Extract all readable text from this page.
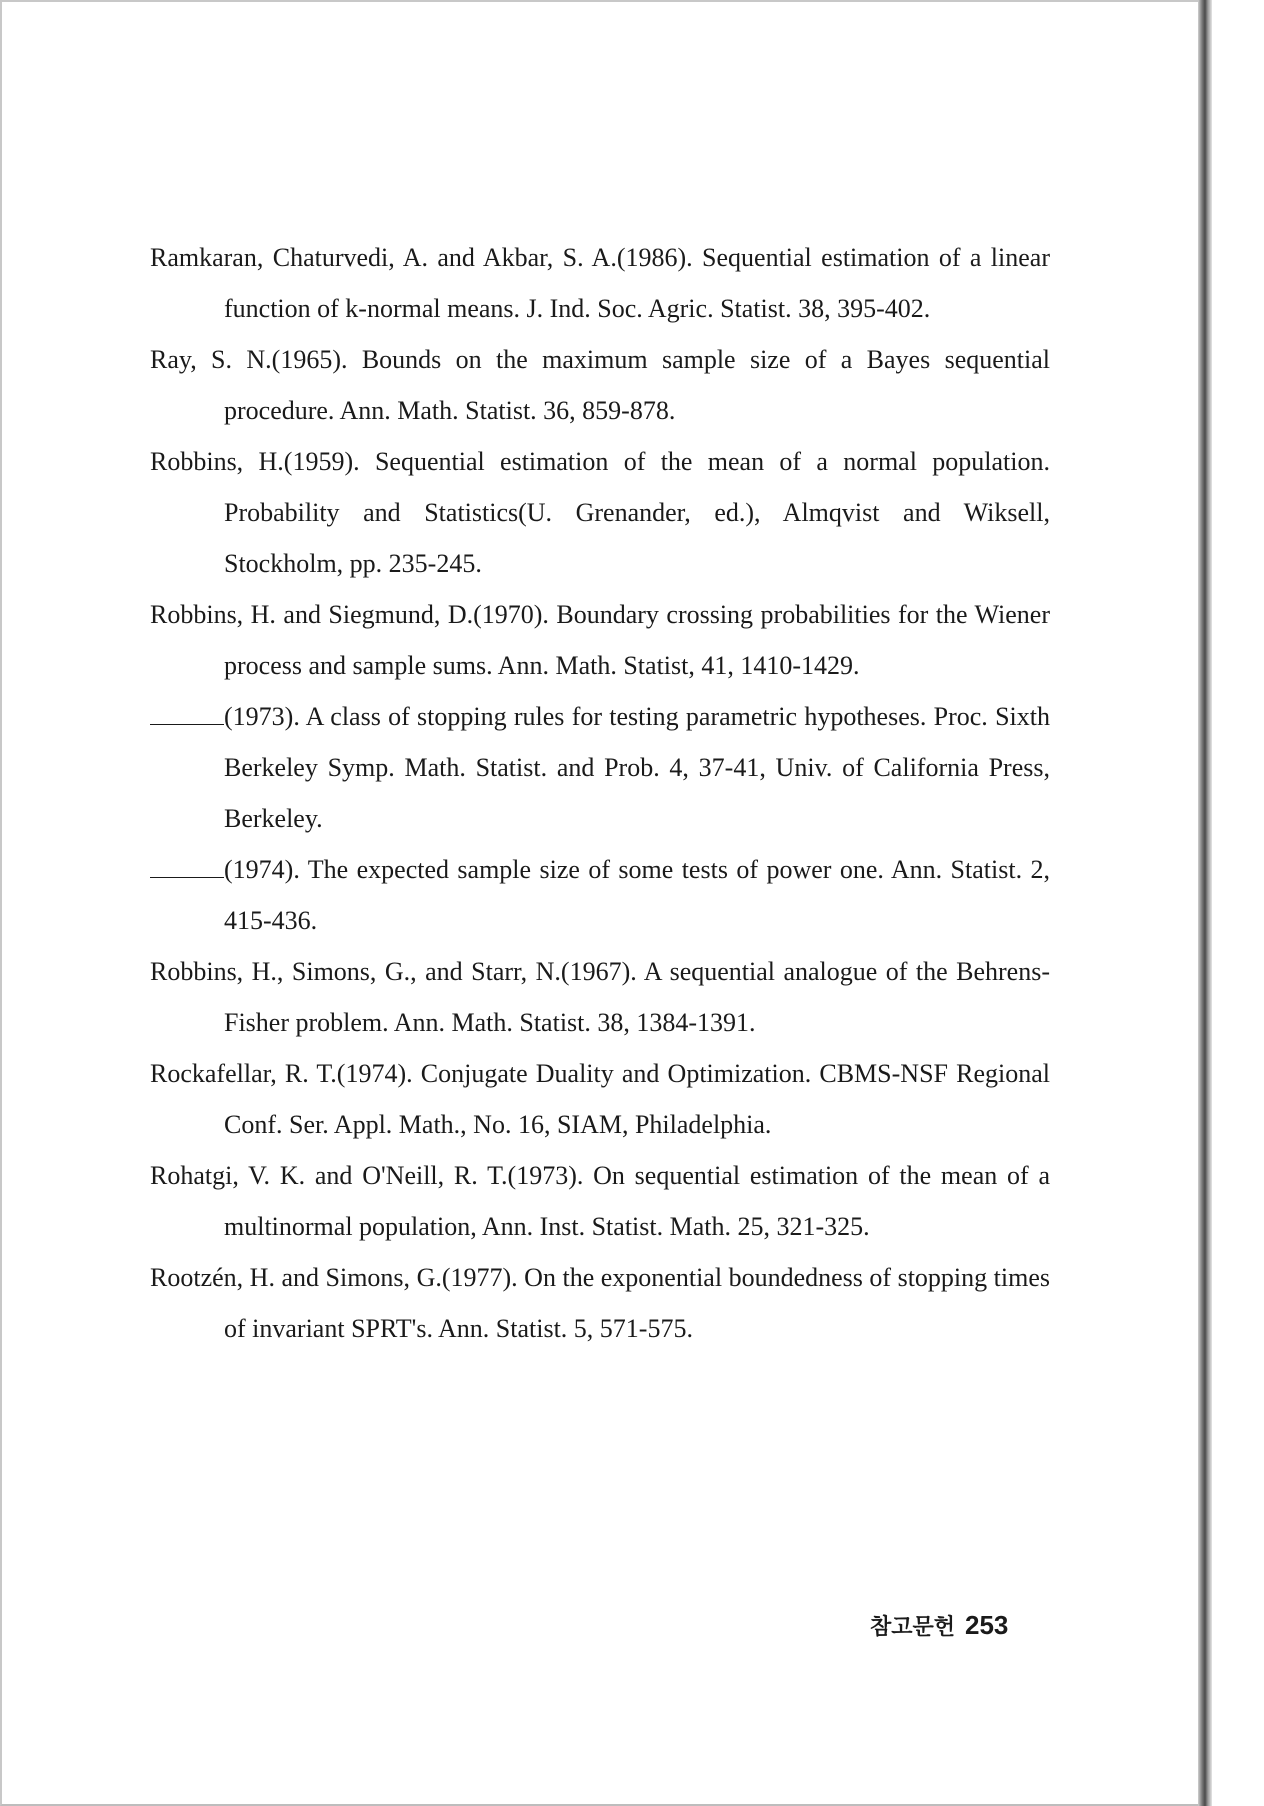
Ramkaran, Chaturvedi, A. and Akbar, S. A.(1986). Sequential estimation of a linear function of k-normal means. J. Ind. Soc. Agric. Statist. 38, 395-402.
Ray, S. N.(1965). Bounds on the maximum sample size of a Bayes sequential procedure. Ann. Math. Statist. 36, 859-878.
Robbins, H.(1959). Sequential estimation of the mean of a normal population. Probability and Statistics(U. Grenander, ed.), Almqvist and Wiksell, Stockholm, pp. 235-245.
Robbins, H. and Siegmund, D.(1970). Boundary crossing probabilities for the Wiener process and sample sums. Ann. Math. Statist, 41, 1410-1429.
(1973). A class of stopping rules for testing parametric hypotheses. Proc. Sixth Berkeley Symp. Math. Statist. and Prob. 4, 37-41, Univ. of California Press, Berkeley.
(1974). The expected sample size of some tests of power one. Ann. Statist. 2, 415-436.
Robbins, H., Simons, G., and Starr, N.(1967). A sequential analogue of the Behrens-Fisher problem. Ann. Math. Statist. 38, 1384-1391.
Rockafellar, R. T.(1974). Conjugate Duality and Optimization. CBMS-NSF Regional Conf. Ser. Appl. Math., No. 16, SIAM, Philadelphia.
Rohatgi, V. K. and O'Neill, R. T.(1973). On sequential estimation of the mean of a multinormal population, Ann. Inst. Statist. Math. 25, 321-325.
Rootzén, H. and Simons, G.(1977). On the exponential boundedness of stopping times of invariant SPRT's. Ann. Statist. 5, 571-575.
참고문헌 253
